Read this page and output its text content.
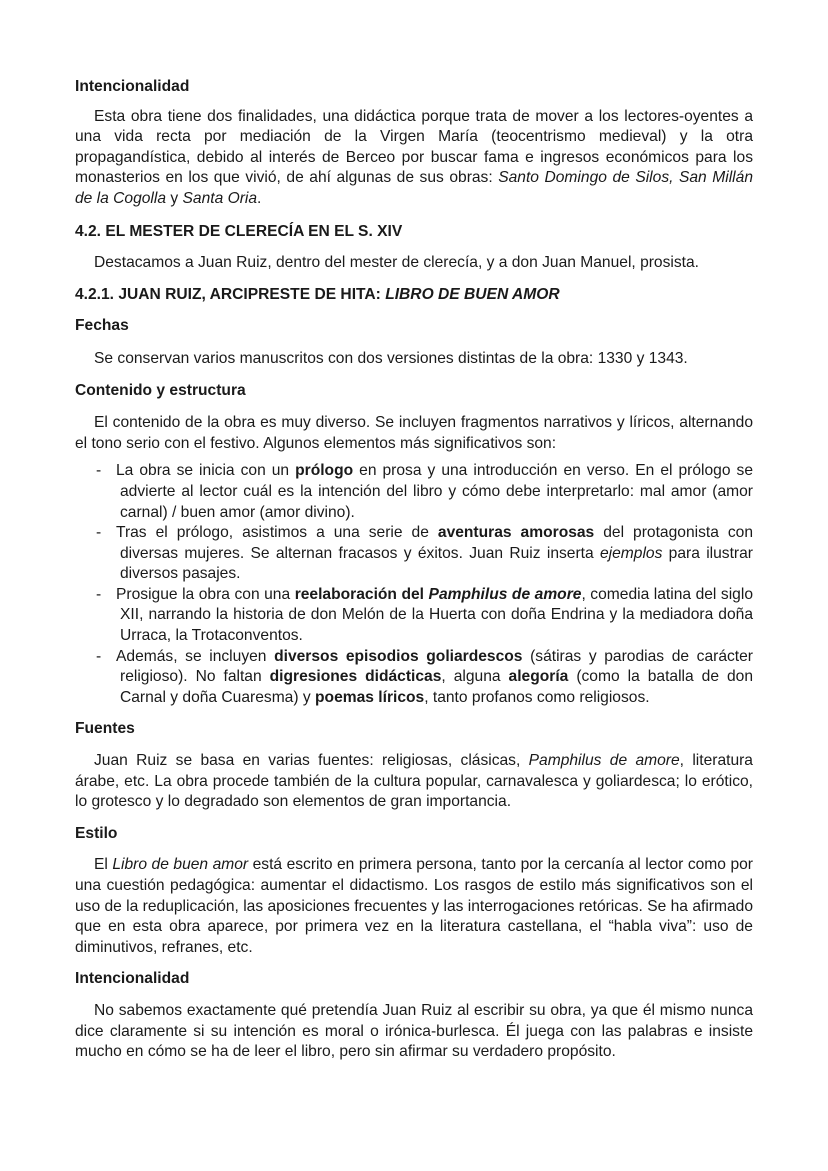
Intencionalidad

Esta obra tiene dos finalidades, una didáctica porque trata de mover a los lectores-oyentes a una vida recta por mediación de la Virgen María (teocentrismo medieval) y la otra propagandística, debido al interés de Berceo por buscar fama e ingresos económicos para los monasterios en los que vivió, de ahí algunas de sus obras: Santo Domingo de Silos, San Millán de la Cogolla y Santa Oria.

4.2. EL MESTER DE CLERECÍA EN EL S. XIV

Destacamos a Juan Ruiz, dentro del mester de clerecía, y a don Juan Manuel, prosista.

4.2.1. JUAN RUIZ, ARCIPRESTE DE HITA: LIBRO DE BUEN AMOR
Fechas

Se conservan varios manuscritos con dos versiones distintas de la obra: 1330 y 1343.

Contenido y estructura

El contenido de la obra es muy diverso. Se incluyen fragmentos narrativos y líricos, alternando el tono serio con el festivo. Algunos elementos más significativos son:

- La obra se inicia con un prólogo en prosa y una introducción en verso. En el prólogo se advierte al lector cuál es la intención del libro y cómo debe interpretarlo: mal amor (amor carnal) / buen amor (amor divino).
- Tras el prólogo, asistimos a una serie de aventuras amorosas del protagonista con diversas mujeres. Se alternan fracasos y éxitos. Juan Ruiz inserta ejemplos para ilustrar diversos pasajes.
- Prosigue la obra con una reelaboración del Pamphilus de amore, comedia latina del siglo XII, narrando la historia de don Melón de la Huerta con doña Endrina y la mediadora doña Urraca, la Trotaconventos.
- Además, se incluyen diversos episodios goliardescos (sátiras y parodias de carácter religioso). No faltan digresiones didácticas, alguna alegoría (como la batalla de don Carnal y doña Cuaresma) y poemas líricos, tanto profanos como religiosos.
Fuentes

Juan Ruiz se basa en varias fuentes: religiosas, clásicas, Pamphilus de amore, literatura árabe, etc. La obra procede también de la cultura popular, carnavalesca y goliardesca; lo erótico, lo grotesco y lo degradado son elementos de gran importancia.

Estilo

El Libro de buen amor está escrito en primera persona, tanto por la cercanía al lector como por una cuestión pedagógica: aumentar el didactismo. Los rasgos de estilo más significativos son el uso de la reduplicación, las aposiciones frecuentes y las interrogaciones retóricas. Se ha afirmado que en esta obra aparece, por primera vez en la literatura castellana, el “habla viva”: uso de diminutivos, refranes, etc.

Intencionalidad

No sabemos exactamente qué pretendía Juan Ruiz al escribir su obra, ya que él mismo nunca dice claramente si su intención es moral o irónica-burlesca. Él juega con las palabras e insiste mucho en cómo se ha de leer el libro, pero sin afirmar su verdadero propósito.
